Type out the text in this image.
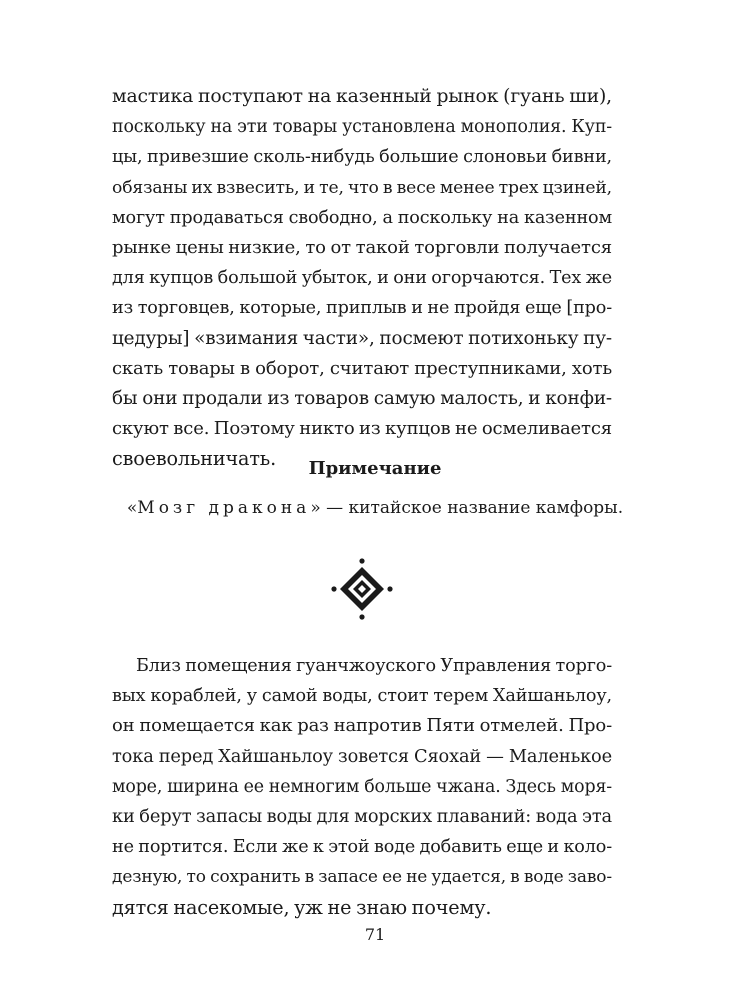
мастика поступают на казенный рынок (гуань ши),
поскольку на эти товары установлена монополия. Куп-
цы, привезшие сколь-нибудь большие слоновьи бивни,
обязаны их взвесить, и те, что в весе менее трех цзиней,
могут продаваться свободно, а поскольку на казенном
рынке цены низкие, то от такой торговли получается
для купцов большой убыток, и они огорчаются. Тех же
из торговцев, которые, приплыв и не пройдя еще [про-
цедуры] «взимания части», посмеют потихоньку пу-
скать товары в оборот, считают преступниками, хоть
бы они продали из товаров самую малость, и конфи-
скуют все. Поэтому никто из купцов не осмеливается
своевольничать.	Примечание
«Мозг дракона» — китайское название камфоры.
Близ помещения гуанчжоуского Управления торго-
вых кораблей, у самой воды, стоит терем Хайшаньлоу,
он помещается как раз напротив Пяти отмелей. Про-
тока перед Хайшаньлоу зовется Сяохай — Маленькое
море, ширина ее немногим больше чжана. Здесь моря-
ки берут запасы воды для морских плаваний: вода эта
не портится. Если же к этой воде добавить еще и коло-
дезную, то сохранить в запасе ее не удается, в воде заво-
дятся насекомые, уж не знаю почему.
71
